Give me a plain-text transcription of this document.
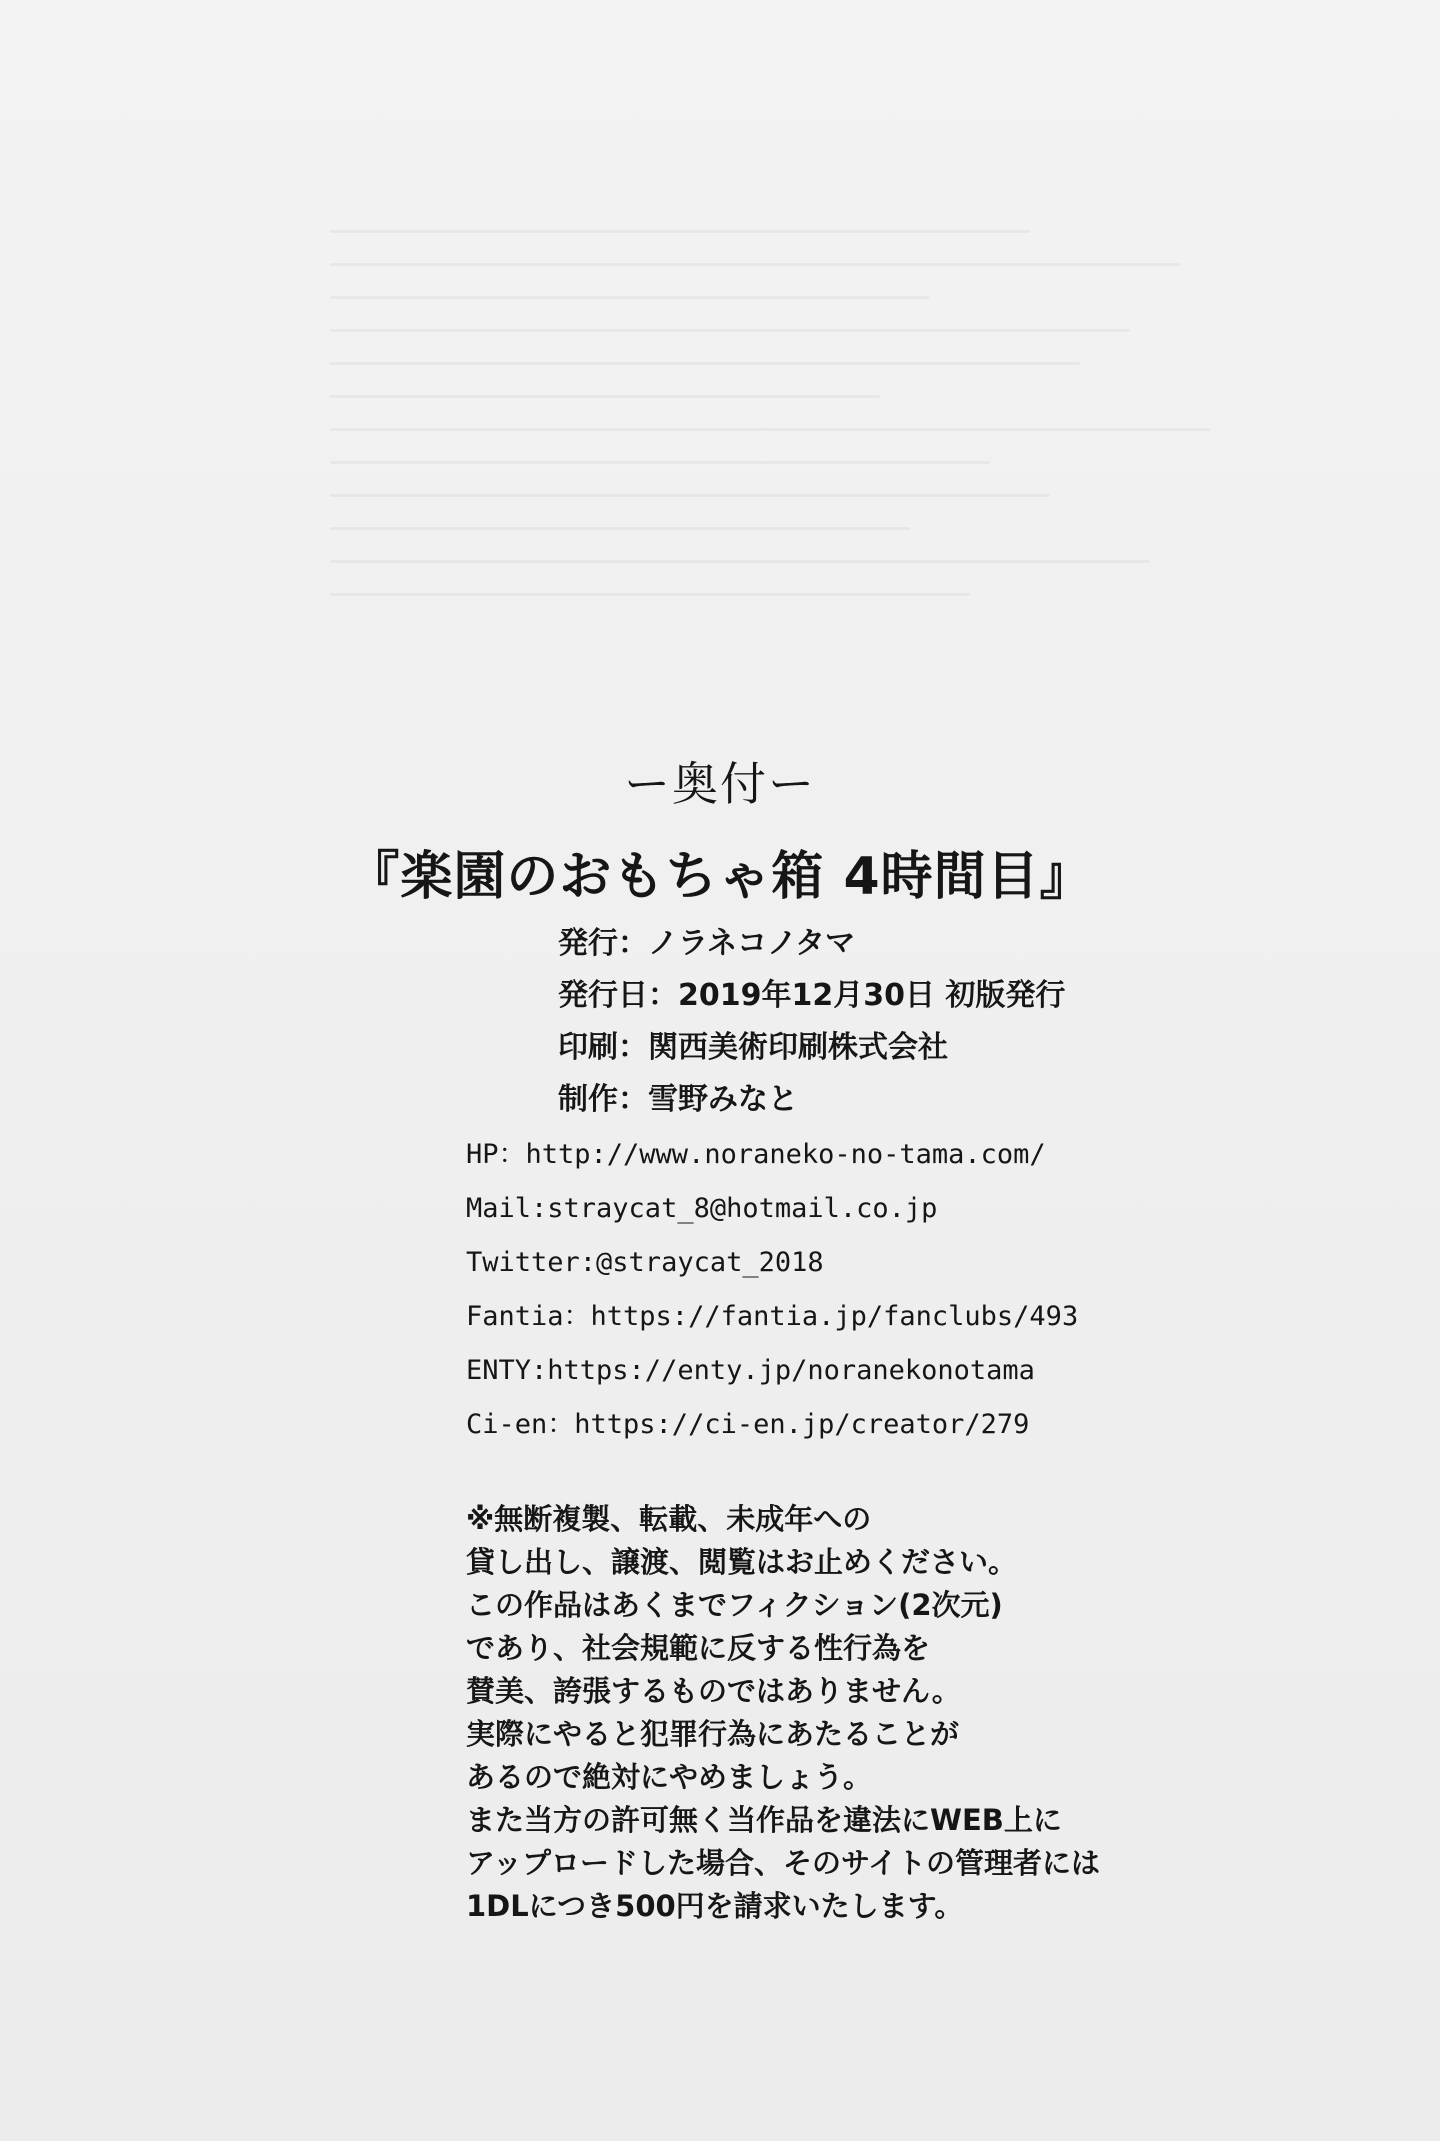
ー奥付ー
『楽園のおもちゃ箱 4時間目』
発行：ノラネコノタマ
発行日：2019年12月30日 初版発行
印刷：関西美術印刷株式会社
制作：雪野みなと
HP：http://www.noraneko-no-tama.com/
Mail:straycat_8@hotmail.co.jp
Twitter:@straycat_2018
Fantia：https://fantia.jp/fanclubs/493
ENTY:https://enty.jp/noranekonotama
Ci-en：https://ci-en.jp/creator/279
※無断複製、転載、未成年への
貸し出し、譲渡、閲覧はお止めください。
この作品はあくまでフィクション(2次元)
であり、社会規範に反する性行為を
賛美、誇張するものではありません。
実際にやると犯罪行為にあたることが
あるので絶対にやめましょう。
また当方の許可無く当作品を違法にWEB上に
アップロードした場合、そのサイトの管理者には
1DLにつき500円を請求いたします。
